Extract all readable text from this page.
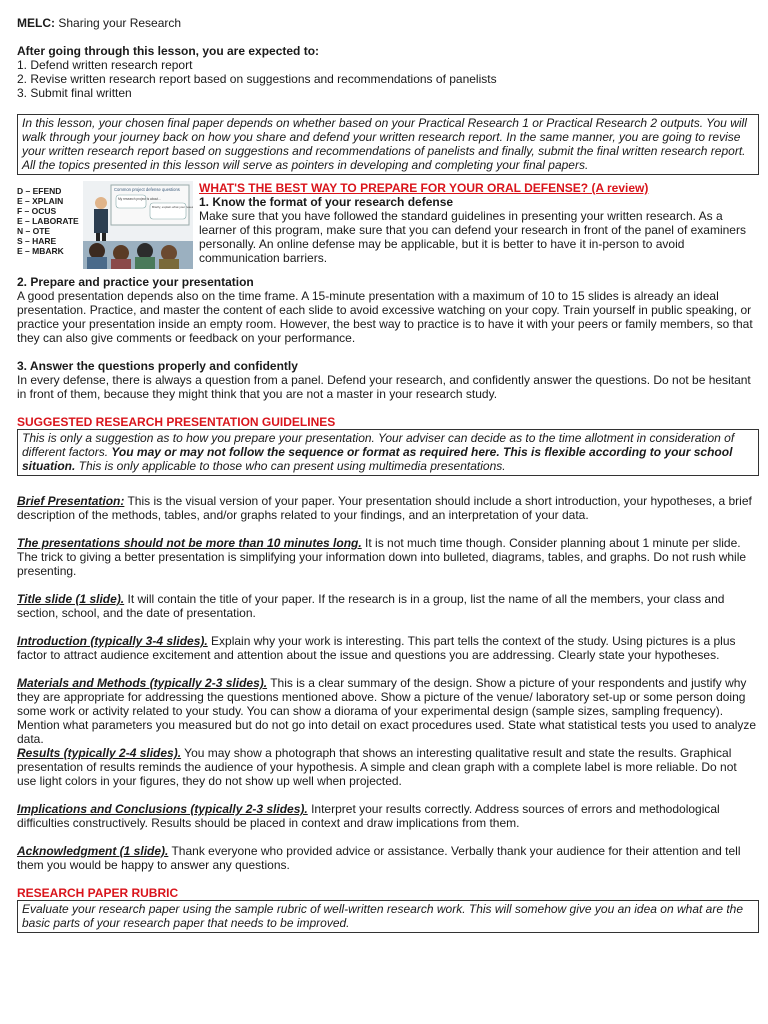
MELC: Sharing your Research

After going through this lesson, you are expected to:

1. Defend written research report

2. Revise written research report based on suggestions and recommendations of panelists

3. Submit final written

In this lesson, your chosen final paper depends on whether based on your Practical Research 1 or Practical Research 2 outputs. You will walk through your journey back on how you share and defend your written research report. In the same manner, you are going to revise your written research report based on suggestions and recommendations of panelists and finally, submit the final written research report. All the topics presented in this lesson will serve as pointers in developing and completing your final papers.
D – EFEND
E – XPLAIN
F – OCUS
E – LABORATE
N – OTE
S – HARE
E – MBARK
Common project defense questions
My research project is about...
Briefly, explain what your rese

WHAT'S THE BEST WAY TO PREPARE FOR YOUR ORAL DEFENSE? (A review)

1. Know the format of your research defense

Make sure that you have followed the standard guidelines in presenting your written research. As a learner of this program, make sure that you can defend your research in front of the panel of examiners personally. An online defense may be applicable, but it is better to have it in-person to avoid communication barriers.

2. Prepare and practice your presentation

A good presentation depends also on the time frame. A 15-minute presentation with a maximum of 10 to 15 slides is already an ideal presentation. Practice, and master the content of each slide to avoid excessive watching on your copy. Train yourself in public speaking, or practice your presentation inside an empty room. However, the best way to practice is to have it with your peers or family members, so that they can also give comments or feedback on your performance.

3. Answer the questions properly and confidently

In every defense, there is always a question from a panel. Defend your research, and confidently answer the questions. Do not be hesitant in front of them, because they might think that you are not a master in your research study.

SUGGESTED RESEARCH PRESENTATION GUIDELINES

This is only a suggestion as to how you prepare your presentation. Your adviser can decide as to the time allotment in consideration of different factors. You may or may not follow the sequence or format as required here. This is flexible according to your school situation. This is only applicable to those who can present using multimedia presentations.

Brief Presentation: This is the visual version of your paper. Your presentation should include a short introduction, your hypotheses, a brief description of the methods, tables, and/or graphs related to your findings, and an interpretation of your data.

The presentations should not be more than 10 minutes long. It is not much time though. Consider planning about 1 minute per slide. The trick to giving a better presentation is simplifying your information down into bulleted, diagrams, tables, and graphs. Do not rush while presenting.

Title slide (1 slide). It will contain the title of your paper. If the research is in a group, list the name of all the members, your class and section, school, and the date of presentation.

Introduction (typically 3-4 slides). Explain why your work is interesting. This part tells the context of the study. Using pictures is a plus factor to attract audience excitement and attention about the issue and questions you are addressing. Clearly state your hypotheses.

Materials and Methods (typically 2-3 slides). This is a clear summary of the design. Show a picture of your respondents and justify why they are appropriate for addressing the questions mentioned above. Show a picture of the venue/ laboratory set-up or some person doing some work or activity related to your study. You can show a diorama of your experimental design (sample sizes, sampling frequency). Mention what parameters you measured but do not go into detail on exact procedures used. State what statistical tests you used to analyze data.

Results (typically 2-4 slides). You may show a photograph that shows an interesting qualitative result and state the results. Graphical presentation of results reminds the audience of your hypothesis. A simple and clean graph with a complete label is more reliable. Do not use light colors in your figures, they do not show up well when projected.

Implications and Conclusions (typically 2-3 slides). Interpret your results correctly. Address sources of errors and methodological difficulties constructively. Results should be placed in context and draw implications from them.

Acknowledgment (1 slide). Thank everyone who provided advice or assistance. Verbally thank your audience for their attention and tell them you would be happy to answer any questions.

RESEARCH PAPER RUBRIC

Evaluate your research paper using the sample rubric of well-written research work. This will somehow give you an idea on what are the basic parts of your research paper that needs to be improved.
